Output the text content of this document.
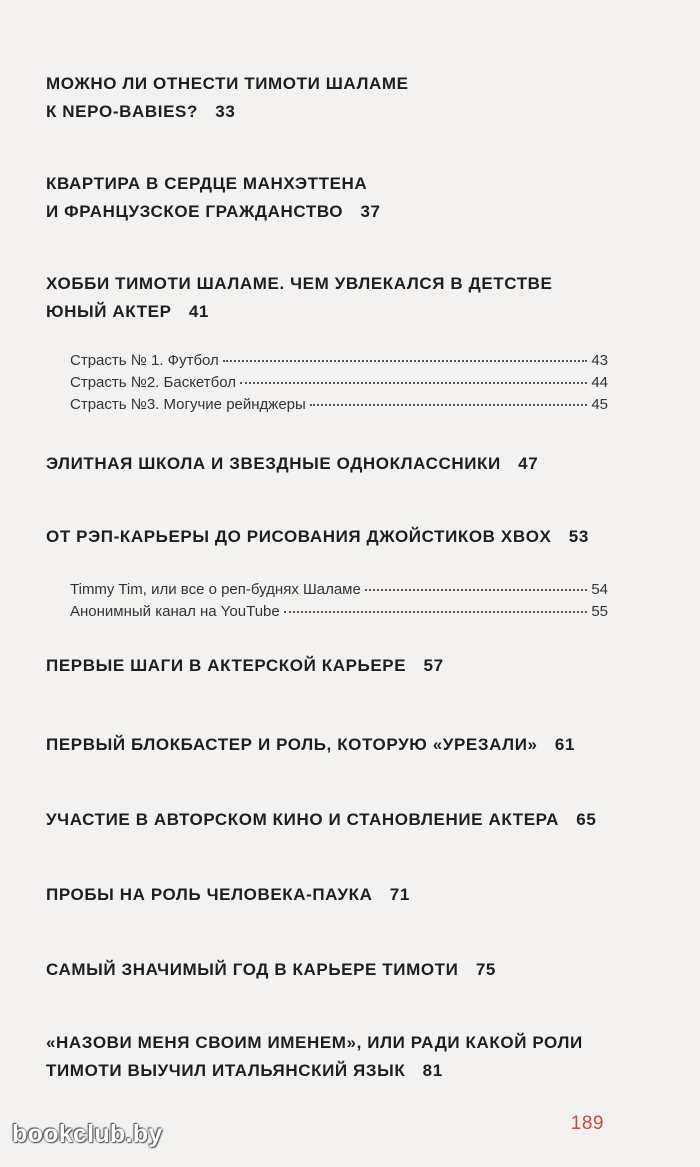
МОЖНО ЛИ ОТНЕСТИ ТИМОТИ ШАЛАМЕ
К NEPO-BABIES? 33
КВАРТИРА В СЕРДЦЕ МАНХЭТТЕНА
И ФРАНЦУЗСКОЕ ГРАЖДАНСТВО 37
ХОББИ ТИМОТИ ШАЛАМЕ. ЧЕМ УВЛЕКАЛСЯ В ДЕТСТВЕ
ЮНЫЙ АКТЕР 41
Страсть № 1. Футбол	43
Страсть №2. Баскетбол	44
Страсть №3. Могучие рейнджеры	45
ЭЛИТНАЯ ШКОЛА И ЗВЕЗДНЫЕ ОДНОКЛАССНИКИ 47
ОТ РЭП-КАРЬЕРЫ ДО РИСОВАНИЯ ДЖОЙСТИКОВ XBOX 53
Timmy Tim, или все о реп-буднях Шаламе	54
Анонимный канал на YouTube	55
ПЕРВЫЕ ШАГИ В АКТЕРСКОЙ КАРЬЕРЕ 57
ПЕРВЫЙ БЛОКБАСТЕР И РОЛЬ, КОТОРУЮ «УРЕЗАЛИ» 61
УЧАСТИЕ В АВТОРСКОМ КИНО И СТАНОВЛЕНИЕ АКТЕРА 65
ПРОБЫ НА РОЛЬ ЧЕЛОВЕКА-ПАУКА 71
САМЫЙ ЗНАЧИМЫЙ ГОД В КАРЬЕРЕ ТИМОТИ 75
«НАЗОВИ МЕНЯ СВОИМ ИМЕНЕМ», ИЛИ РАДИ КАКОЙ РОЛИ
ТИМОТИ ВЫУЧИЛ ИТАЛЬЯНСКИЙ ЯЗЫК 81
189
bookclub.by
